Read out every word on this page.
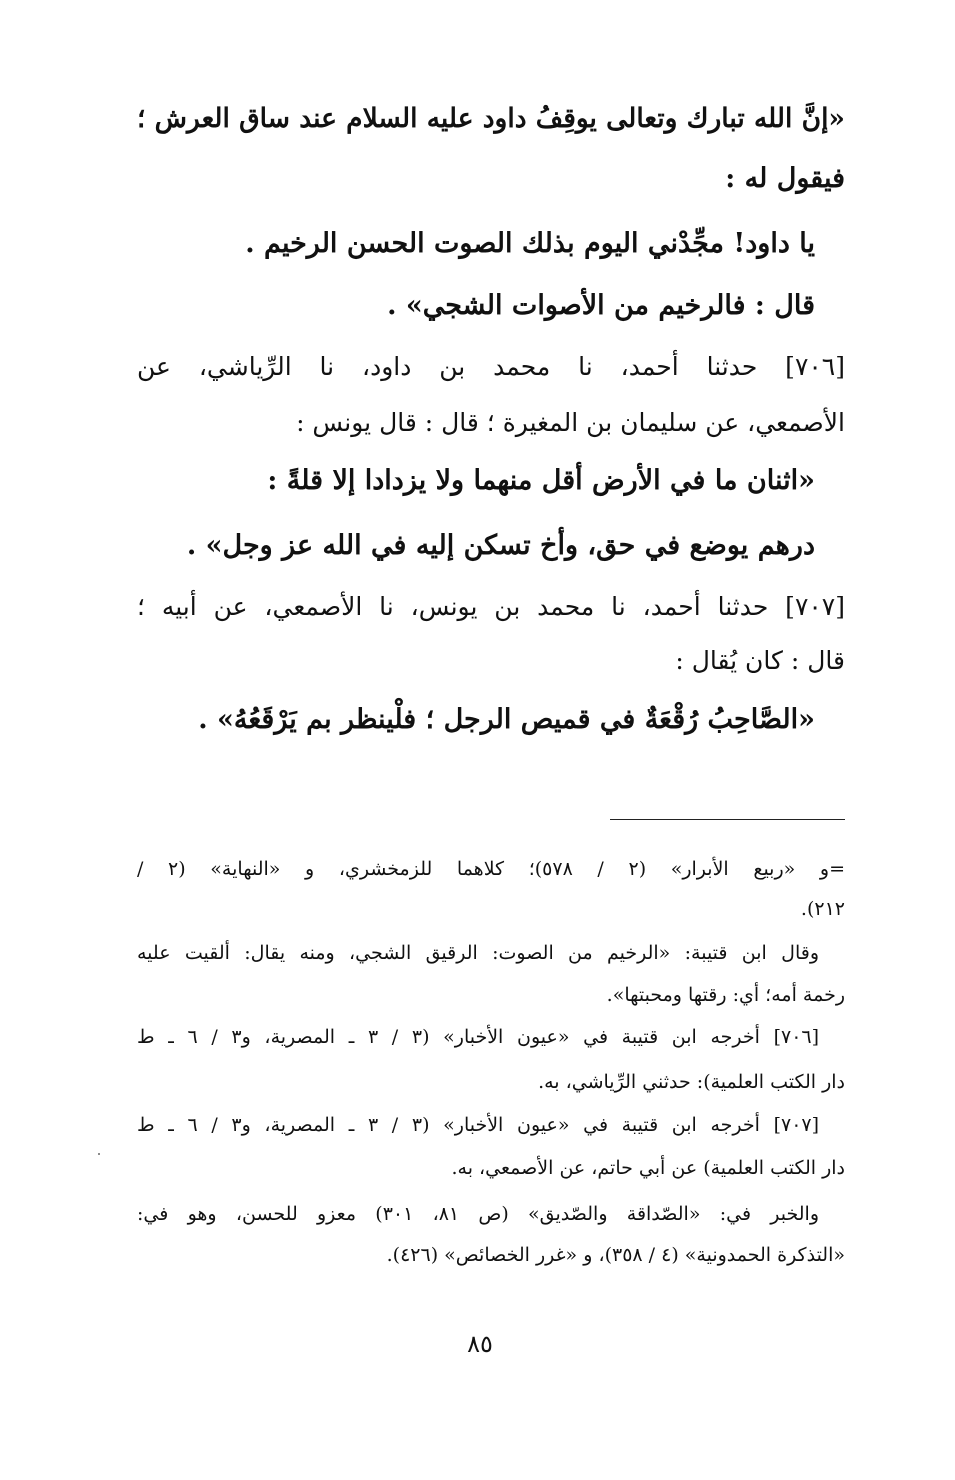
«إنَّ الله تبارك وتعالى يوقِفُ داود عليه السلام عند ساق العرش ؛
فيقول له :
يا داود! مجِّدْني اليوم بذلك الصوت الحسن الرخيم .
قال : فالرخيم من الأصوات الشجي» .
[٧٠٦] حدثنا أحمد، نا محمد بن داود، نا الرِّياشي، عن
الأصمعي، عن سليمان بن المغيرة ؛ قال : قال يونس :
«اثنان ما في الأرض أقل منهما ولا يزدادا إلا قلةً :
درهم يوضع في حق، وأخ تسكن إليه في الله عز وجل» .
[٧٠٧] حدثنا أحمد، نا محمد بن يونس، نا الأصمعي، عن أبيه ؛
قال : كان يُقال :
«الصَّاحِبُ رُقْعَةٌ في قميص الرجل ؛ فلْينظر بم يَرْقَعُهُ» .
=و «ربيع الأبرار» (٢ / ٥٧٨)؛ كلاهما للزمخشري، و «النهاية» (٢ /
٢١٢).
وقال ابن قتيبة: «الرخيم من الصوت: الرقيق الشجي، ومنه يقال: ألقيت عليه
رخمة أمه؛ أي: رقتها ومحبتها».
[٧٠٦] أخرجه ابن قتيبة في «عيون الأخبار» (٣ / ٣ ـ المصرية، و٣ / ٦ ـ ط
دار الكتب العلمية): حدثني الرِّياشي، به.
[٧٠٧] أخرجه ابن قتيبة في «عيون الأخبار» (٣ / ٣ ـ المصرية، و٣ / ٦ ـ ط
دار الكتب العلمية) عن أبي حاتم، عن الأصمعي، به.
والخبر في: «الصّداقة والصّديق» (ص ٨١، ٣٠١) معزو للحسن، وهو في:
«التذكرة الحمدونية» (٤ / ٣٥٨)، و «غرر الخصائص» (٤٢٦).
٨٥
